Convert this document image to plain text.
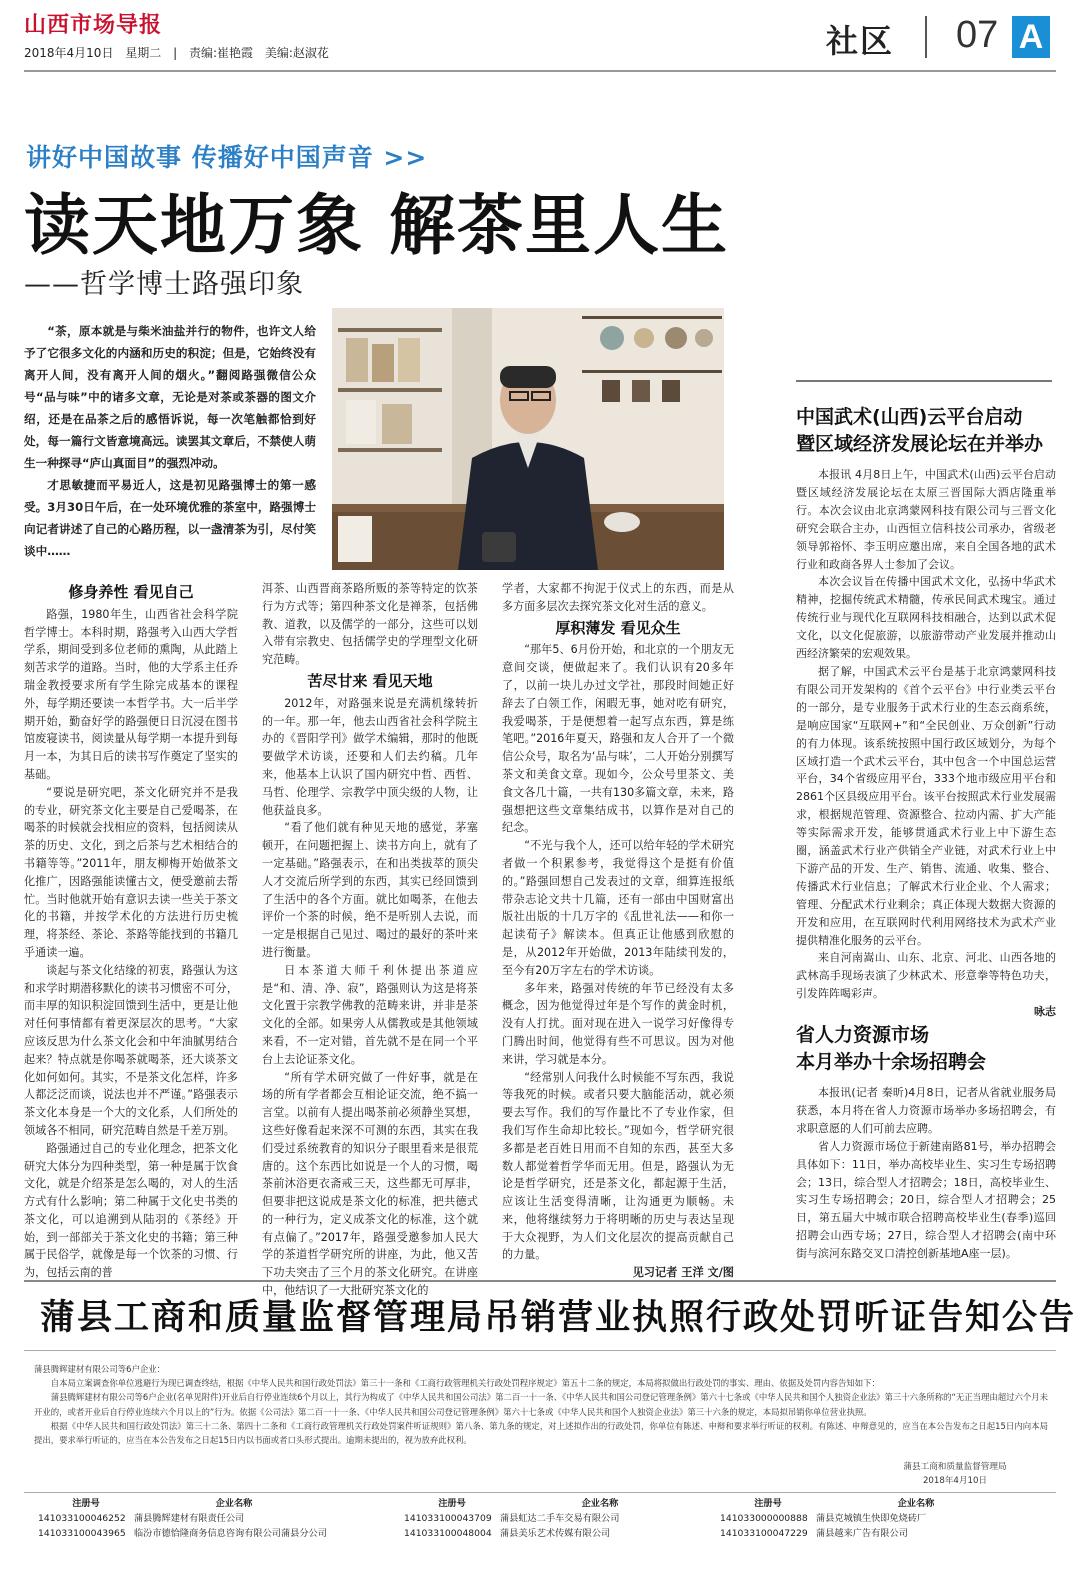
山西市场导报
2018年4月10日 星期二 | 责编:崔艳霞 美编:赵淑花	社区 07 A
讲好中国故事 传播好中国声音 >>
读天地万象 解茶里人生
——哲学博士路强印象

“茶，原本就是与柴米油盐并行的物件，也许文人给予了它很多文化的内涵和历史的积淀；但是，它始终没有离开人间，没有离开人间的烟火。”翻阅路强微信公众号“品与味”中的诸多文章，无论是对茶或茶器的图文介绍，还是在品茶之后的感悟诉说，每一次笔触都恰到好处，每一篇行文皆意境高远。读罢其文章后，不禁使人萌生一种探寻“庐山真面目”的强烈冲动。

才思敏捷而平易近人，这是初见路强博士的第一感受。3月30日午后，在一处环境优雅的茶室中，路强博士向记者讲述了自己的心路历程，以一盏清茶为引，尽付笑谈中……

修身养性 看见自己

路强，1980年生，山西省社会科学院哲学博士。本科时期，路强考入山西大学哲学系，期间受到多位老师的熏陶，从此踏上刻苦求学的道路。当时，他的大学系主任乔瑞金教授要求所有学生除完成基本的课程外，每学期还要读一本哲学书。大一后半学期开始，勤奋好学的路强便日日沉浸在图书馆废寝读书，阅读量从每学期一本提升到每月一本，为其日后的读书写作奠定了坚实的基础。

“要说是研究吧，茶文化研究并不是我的专业，研究茶文化主要是自己爱喝茶，在喝茶的时候就会找相应的资料，包括阅读从茶的历史、文化，到之后茶与艺术相结合的书籍等等。”2011年，朋友柳梅开始做茶文化推广，因路强能读懂古文，便受邀前去帮忙。当时他就开始有意识去读一些关于茶文化的书籍，并按学术化的方法进行历史梳理，将茶经、茶论、茶路等能找到的书籍几乎通读一遍。

谈起与茶文化结缘的初衷，路强认为这和求学时期潜移默化的读书习惯密不可分，而丰厚的知识积淀回馈到生活中，更是让他对任何事情都有着更深层次的思考。“大家应该反思为什么茶文化会和中年油腻男结合起来？特点就是你喝茶就喝茶，还大谈茶文化如何如何。其实，不是茶文化怎样，许多人都泛泛而谈，说法也并不严谨。”路强表示茶文化本身是一个大的文化系，人们所处的领域各不相同，研究范畴自然是千差万别。

路强通过自己的专业化理念，把茶文化研究大体分为四种类型，第一种是属于饮食文化，就是介绍茶是怎么喝的，对人的生活方式有什么影响；第二种属于文化史书类的茶文化，可以追溯到从陆羽的《茶经》开始，到一部部关于茶文化史的书籍；第三种属于民俗学，就像是每一个饮茶的习惯、行为，包括云南的普

洱茶、山西晋商茶路所贩的茶等特定的饮茶行为方式等；第四种茶文化是禅茶，包括佛教、道教，以及儒学的一部分，这些可以划入带有宗教史、包括儒学史的学理型文化研究范畴。

苦尽甘来 看见天地

2012年，对路强来说是充满机缘转折的一年。那一年，他去山西省社会科学院主办的《晋阳学刊》做学术编辑，那时的他既要做学术访谈，还要和人们去约稿。几年来，他基本上认识了国内研究中哲、西哲、马哲、伦理学、宗教学中顶尖级的人物，让他获益良多。

“看了他们就有种见天地的感觉，茅塞顿开，在问题把握上、读书方向上，就有了一定基础。”路强表示，在和出类拔萃的顶尖人才交流后所学到的东西，其实已经回馈到了生活中的各个方面。就比如喝茶，在他去评价一个茶的时候，绝不是听别人去说，而一定是根据自己见过、喝过的最好的茶叶来进行衡量。

日本茶道大师千利休提出茶道应是“和、清、净、寂”，路强则认为这是将茶文化置于宗教学佛教的范畴来讲，并非是茶文化的全部。如果旁人从儒教或是其他领域来看，不一定对错，首先就不是在同一个平台上去论证茶文化。

“所有学术研究做了一件好事，就是在场的所有学者都会互相论证交流，绝不搞一言堂。以前有人提出喝茶前必须静坐冥想，这些好像看起来深不可测的东西，其实在我们受过系统教育的知识分子眼里看来是很荒唐的。这个东西比如说是一个人的习惯，喝茶前沐浴更衣斋戒三天，这些都无可厚非，但要非把这说成是茶文化的标准，把共德式的一种行为，定义成茶文化的标准，这个就有点偏了。”2017年，路强受邀参加人民大学的茶道哲学研究所的讲座，为此，他又苦下功夫突击了三个月的茶文化研究。在讲座中，他结识了一大批研究茶文化的

学者，大家都不拘泥于仪式上的东西，而是从多方面多层次去探究茶文化对生活的意义。

厚积薄发 看见众生

“那年5、6月份开始，和北京的一个朋友无意间交谈，便做起来了。我们认识有20多年了，以前一块儿办过文学社，那段时间她正好辞去了白领工作，闲暇无事，她对吃有研究，我爱喝茶，于是便想着一起写点东西，算是练笔吧。”2016年夏天，路强和友人合开了一个微信公众号，取名为‘品与味’，二人开始分别撰写茶文和美食文章。现如今，公众号里茶文、美食文各几十篇，一共有130多篇文章，未来，路强想把这些文章集结成书，以算作是对自己的纪念。

“不光与我个人，还可以给年轻的学术研究者做一个积累参考，我觉得这个是挺有价值的。”路强回想自己发表过的文章，细算连报纸带杂志论文共十几篇，还有一部由中国财富出版社出版的十几万字的《乱世礼法——和你一起读荀子》解读本。但真正让他感到欣慰的是，从2012年开始做，2013年陆续刊发的，至今有20万字左右的学术访谈。

多年来，路强对传统的年节已经没有太多概念，因为他觉得过年是个写作的黄金时机，没有人打扰。面对现在进入一说学习好像得专门腾出时间，他觉得有些不可思议。因为对他来讲，学习就是本分。

“经常别人问我什么时候能不写东西，我说等我死的时候。或者只要大脑能活动，就必须要去写作。我们的写作量比不了专业作家，但我们写作生命却比较长。”现如今，哲学研究很多都是老百姓日用而不自知的东西，甚至大多数人都觉着哲学华而无用。但是，路强认为无论是哲学研究，还是茶文化，都起源于生活，应该让生活变得清晰，让沟通更为顺畅。未来，他将继续努力于将明晰的历史与表达呈现于大众视野，为人们文化层次的提高贡献自己的力量。

见习记者 王洋 文/图

中国武术(山西)云平台启动
暨区域经济发展论坛在并举办

本报讯 4月8日上午，中国武术(山西)云平台启动暨区域经济发展论坛在太原三晋国际大酒店隆重举行。本次会议由北京鸿蒙网科技有限公司与三晋文化研究会联合主办，山西恒立信科技公司承办，省级老领导郭裕怀、李玉明应邀出席，来自全国各地的武术行业和政商各界人士参加了会议。

本次会议旨在传播中国武术文化，弘扬中华武术精神，挖掘传统武术精髓，传承民间武术瑰宝。通过传统行业与现代化互联网科技相融合，达到以武术促文化，以文化促旅游，以旅游带动产业发展并推动山西经济繁荣的宏观效果。

据了解，中国武术云平台是基于北京鸿蒙网科技有限公司开发架构的《首个云平台》中行业类云平台的一部分，是专业服务于武术行业的生态云商系统，是响应国家“互联网+”和“全民创业、万众创新”行动的有力体现。该系统按照中国行政区域划分，为每个区域打造一个武术云平台，其中包含一个中国总运营平台，34个省级应用平台，333个地市级应用平台和2861个区县级应用平台。该平台按照武术行业发展需求，根据规范管理、资源整合、拉动内需、扩大产能等实际需求开发，能够贯通武术行业上中下游生态圈，涵盖武术行业产供销全产业链，对武术行业上中下游产品的开发、生产、销售、流通、收集、整合、传播武术行业信息；了解武术行业企业、个人需求；管理、分配武术行业剩余；真正体现大数据大资源的开发和应用，在互联网时代利用网络技术为武术产业提供精准化服务的云平台。

来自河南嵩山、山东、北京、河北、山西各地的武林高手现场表演了少林武术、形意拳等特色功夫，引发阵阵喝彩声。

咏志

省人力资源市场
本月举办十余场招聘会

本报讯(记者 秦昕)4月8日，记者从省就业服务局获悉，本月将在省人力资源市场举办多场招聘会，有求职意愿的人们可前去应聘。

省人力资源市场位于新建南路81号，举办招聘会具体如下：11日，举办高校毕业生、实习生专场招聘会；13日，综合型人才招聘会；18日，高校毕业生、实习生专场招聘会；20日，综合型人才招聘会；25日，第五届大中城市联合招聘高校毕业生(春季)巡回招聘会山西专场；27日，综合型人才招聘会(南中环街与滨河东路交叉口清控创新基地A座一层)。

蒲县工商和质量监督管理局吊销营业执照行政处罚听证告知公告

蒲县腾辉建材有限公司等6户企业：

自本局立案调查你单位逃避行为现已调查终结，根据《中华人民共和国行政处罚法》第三十一条和《工商行政管理机关行政处罚程序规定》第五十二条的规定，本局将拟做出行政处罚的事实、理由、依据及处罚内容告知如下：

蒲县腾辉建材有限公司等6户企业(名单见附件)开业后自行停业连续6个月以上，其行为构成了《中华人民共和国公司法》第二百一十一条、《中华人民共和国公司登记管理条例》第六十七条或《中华人民共和国个人独资企业法》第三十六条所称的“无正当理由超过六个月未开业的，或者开业后自行停业连续六个月以上的”行为。依据《公司法》第二百一十一条、《中华人民共和国公司登记管理条例》第六十七条或《中华人民共和国个人独资企业法》第三十六条的规定，本局拟吊销你单位营业执照。

根据《中华人民共和国行政处罚法》第三十二条、第四十二条和《工商行政管理机关行政处罚案件听证规则》第八条、第九条的规定，对上述拟作出的行政处罚，你单位有陈述、申辩和要求举行听证的权利。有陈述、申辩意见的，应当在本公告发布之日起15日内向本局提出，要求举行听证的，应当在本公告发布之日起15日内以书面或者口头形式提出。逾期未提出的，视为放弃此权利。

蒲县工商和质量监督管理局
2018年4月10日
注册号	企业名称
141033100046252 蒲县腾辉建材有限责任公司
141033100043965 临汾市德恰隆商务信息咨询有限公司蒲县分公司
注册号	企业名称
141033100043709 蒲县虹达二手车交易有限公司
141033100048004 蒲县美乐艺术传媒有限公司
注册号	企业名称
141033000000888 蒲县克城镇生快即免烧砖厂
141033100047229 蒲县越来广告有限公司
